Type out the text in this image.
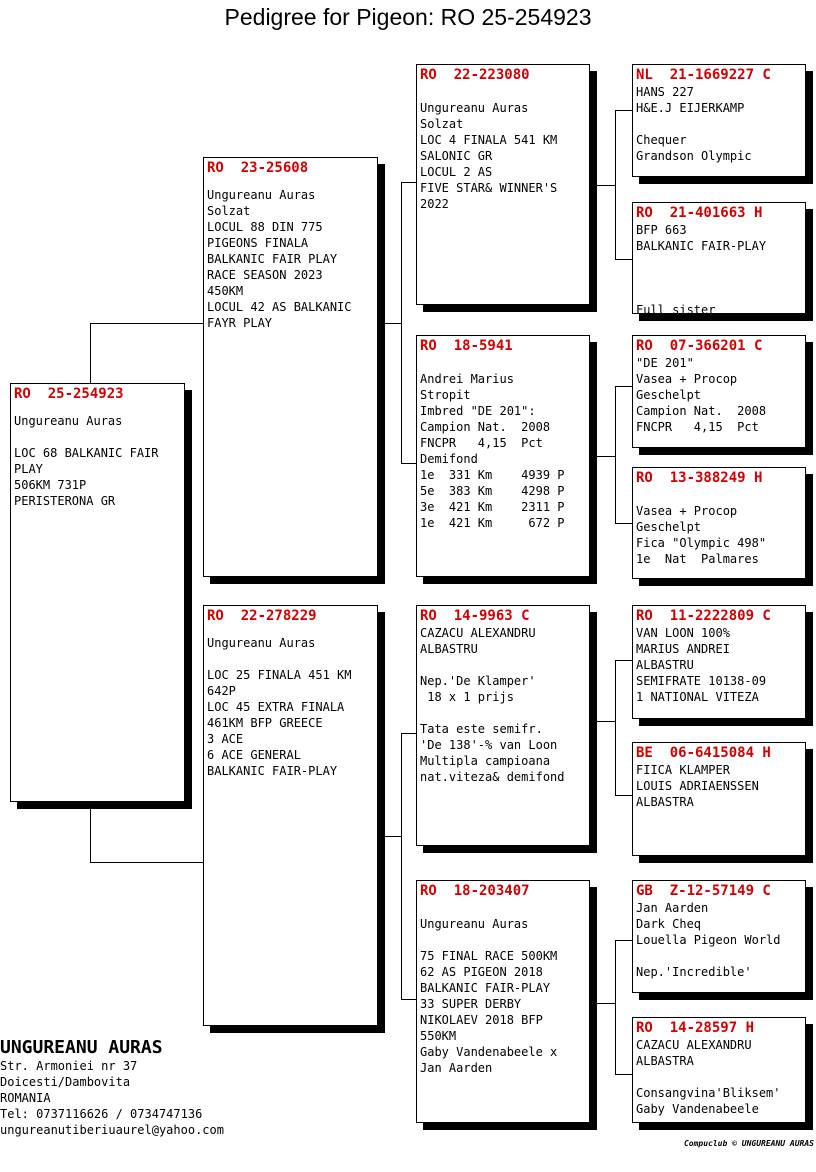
Pedigree for Pigeon: RO 25-254923
RO  25-254923
Ungureanu Auras

LOC 68 BALKANIC FAIR
PLAY
506KM 731P
PERISTERONA GR
RO  23-25608
Ungureanu Auras
Solzat
LOCUL 88 DIN 775
PIGEONS FINALA
BALKANIC FAIR PLAY
RACE SEASON 2023
450KM
LOCUL 42 AS BALKANIC
FAYR PLAY
RO  22-278229
Ungureanu Auras

LOC 25 FINALA 451 KM
642P
LOC 45 EXTRA FINALA
461KM BFP GREECE
3 ACE
6 ACE GENERAL
BALKANIC FAIR-PLAY
RO  22-223080

Ungureanu Auras
Solzat
LOC 4 FINALA 541 KM
SALONIC GR
LOCUL 2 AS
FIVE STAR& WINNER'S
2022
RO  18-5941

Andrei Marius
Stropit
Imbred "DE 201":
Campion Nat.  2008
FNCPR   4,15  Pct
Demifond
1e  331 Km    4939 P
5e  383 Km    4298 P
3e  421 Km    2311 P
1e  421 Km     672 P
RO  14-9963 C
CAZACU ALEXANDRU
ALBASTRU

Nep.'De Klamper'
18 x 1 prijs

Tata este semifr.
'De 138'-% van Loon
Multipla campioana
nat.viteza& demifond
RO  18-203407

Ungureanu Auras

75 FINAL RACE 500KM
62 AS PIGEON 2018
BALKANIC FAIR-PLAY
33 SUPER DERBY
NIKOLAEV 2018 BFP
550KM
Gaby Vandenabeele x
Jan Aarden
NL  21-1669227 C
HANS 227
H&E.J EIJERKAMP

Chequer
Grandson Olympic
RO  21-401663 H
BFP 663
BALKANIC FAIR-PLAY

Full sister
RO  07-366201 C
"DE 201"
Vasea + Procop
Geschelpt
Campion Nat.  2008
FNCPR   4,15  Pct
RO  13-388249 H

Vasea + Procop
Geschelpt
Fica "Olympic 498"
1e  Nat  Palmares
RO  11-2222809 C
VAN LOON 100%
MARIUS ANDREI
ALBASTRU
SEMIFRATE 10138-09
1 NATIONAL VITEZA
BE  06-6415084 H
FIICA KLAMPER
LOUIS ADRIAENSSEN
ALBASTRA
GB  Z-12-57149 C
Jan Aarden
Dark Cheq
Louella Pigeon World

Nep.'Incredible'
RO  14-28597 H
CAZACU ALEXANDRU
ALBASTRA

Consangvina'Bliksem'
Gaby Vandenabeele
UNGUREANU AURAS
Str. Armoniei nr 37
Doicesti/Dambovita
ROMANIA
Tel: 0737116626 / 0734747136
ungureanutiberiuaurel@yahoo.com
Compuclub © UNGUREANU AURAS
